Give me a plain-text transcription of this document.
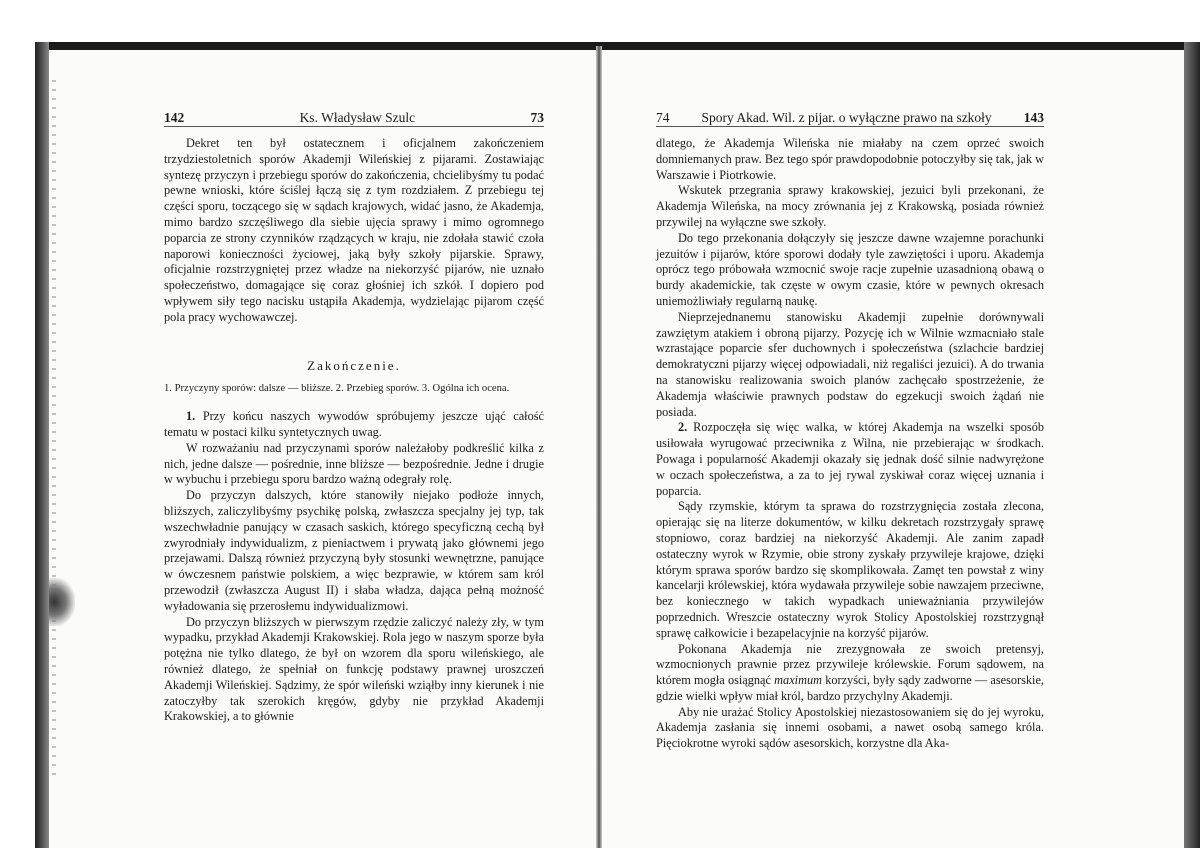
142	Ks. Władysław Szulc	73	74 Spory Akad. Wil. z pijar. o wyłączne prawo na szkoły 143

Dekret ten był ostatecznem i oficjalnem zakończeniem trzydziestoletnich sporów Akademji Wileńskiej z pijarami. Zostawiając syntezę przyczyn i przebiegu sporów do zakończenia, chcielibyśmy tu podać pewne wnioski, które ściślej łączą się z tym rozdziałem. Z przebiegu tej części sporu, toczącego się w sądach krajowych, widać jasno, że Akademja, mimo bardzo szczęśliwego dla siebie ujęcia sprawy i mimo ogromnego poparcia ze strony czynników rządzących w kraju, nie zdołała stawić czoła naporowi konieczności życiowej, jaką były szkoły pijarskie. Sprawy, oficjalnie rozstrzygniętej przez władze na niekorzyść pijarów, nie uznało społeczeństwo, domagające się coraz głośniej ich szkół. I dopiero pod wpływem siły tego nacisku ustąpiła Akademja, wydzielając pijarom część pola pracy wychowawczej.

Zakończenie.
1. Przyczyny sporów: dalsze — bliższe. 2. Przebieg sporów. 3. Ogólna ich ocena.

1. Przy końcu naszych wywodów spróbujemy jeszcze ująć całość tematu w postaci kilku syntetycznych uwag.

W rozważaniu nad przyczynami sporów należałoby podkreślić kilka z nich, jedne dalsze — pośrednie, inne bliższe — bezpośrednie. Jedne i drugie w wybuchu i przebiegu sporu bardzo ważną odegrały rolę.

Do przyczyn dalszych, które stanowiły niejako podłoże innych, bliższych, zaliczylibyśmy psychikę polską, zwłaszcza specjalny jej typ, tak wszechwładnie panujący w czasach saskich, którego specyficzną cechą był zwyrodniały indywidualizm, z pieniactwem i prywatą jako głównemi jego przejawami. Dalszą również przyczyną były stosunki wewnętrzne, panujące w ówczesnem państwie polskiem, a więc bezprawie, w którem sam król przewodził (zwłaszcza August II) i słaba władza, dająca pełną możność wyładowania się przerosłemu indywidualizmowi.

Do przyczyn bliższych w pierwszym rzędzie zaliczyć należy zły, w tym wypadku, przykład Akademji Krakowskiej. Rola jego w naszym sporze była potężna nie tylko dlatego, że był on wzorem dla sporu wileńskiego, ale również dlatego, że spełniał on funkcję podstawy prawnej uroszczeń Akademji Wileńskiej. Sądzimy, że spór wileński wziąłby inny kierunek i nie zatoczyłby tak szerokich kręgów, gdyby nie przykład Akademji Krakowskiej, a to głównie

dlatego, że Akademja Wileńska nie miałaby na czem oprzeć swoich domniemanych praw. Bez tego spór prawdopodobnie potoczyłby się tak, jak w Warszawie i Piotrkowie.

Wskutek przegrania sprawy krakowskiej, jezuici byli przekonani, że Akademja Wileńska, na mocy zrównania jej z Krakowską, posiada również przywilej na wyłączne swe szkoły.

Do tego przekonania dołączyły się jeszcze dawne wzajemne porachunki jezuitów i pijarów, które sporowi dodały tyle zawziętości i uporu. Akademja oprócz tego próbowała wzmocnić swoje racje zupełnie uzasadnioną obawą o burdy akademickie, tak częste w owym czasie, które w pewnych okresach uniemożliwiały regularną naukę.

Nieprzejednanemu stanowisku Akademji zupełnie dorównywali zawziętym atakiem i obroną pijarzy. Pozycję ich w Wilnie wzmacniało stale wzrastające poparcie sfer duchownych i społeczeństwa (szlachcie bardziej demokratyczni pijarzy więcej odpowiadali, niż regaliści jezuici). A do trwania na stanowisku realizowania swoich planów zachęcało spostrzeżenie, że Akademja właściwie prawnych podstaw do egzekucji swoich żądań nie posiada.

2. Rozpoczęła się więc walka, w której Akademja na wszelki sposób usiłowała wyrugować przeciwnika z Wilna, nie przebierając w środkach. Powaga i popularność Akademji okazały się jednak dość silnie nadwyrężone w oczach społeczeństwa, a za to jej rywal zyskiwał coraz więcej uznania i poparcia.

Sądy rzymskie, którym ta sprawa do rozstrzygnięcia została zlecona, opierając się na literze dokumentów, w kilku dekretach rozstrzygały sprawę stopniowo, coraz bardziej na niekorzyść Akademji. Ale zanim zapadł ostateczny wyrok w Rzymie, obie strony zyskały przywileje krajowe, dzięki którym sprawa sporów bardzo się skomplikowała. Zamęt ten powstał z winy kancelarji królewskiej, która wydawała przywileje sobie nawzajem przeciwne, bez koniecznego w takich wypadkach unieważniania przywilejów poprzednich. Wreszcie ostateczny wyrok Stolicy Apostolskiej rozstrzygnął sprawę całkowicie i bezapelacyjnie na korzyść pijarów.

Pokonana Akademja nie zrezygnowała ze swoich pretensyj, wzmocnionych prawnie przez przywileje królewskie. Forum sądowem, na którem mogła osiągnąć maximum korzyści, były sądy zadworne — asesorskie, gdzie wielki wpływ miał król, bardzo przychylny Akademji.

Aby nie urażać Stolicy Apostolskiej niezastosowaniem się do jej wyroku, Akademja zasłania się innemi osobami, a nawet osobą samego króla. Pięciokrotne wyroki sądów asesorskich, korzystne dla Aka-
